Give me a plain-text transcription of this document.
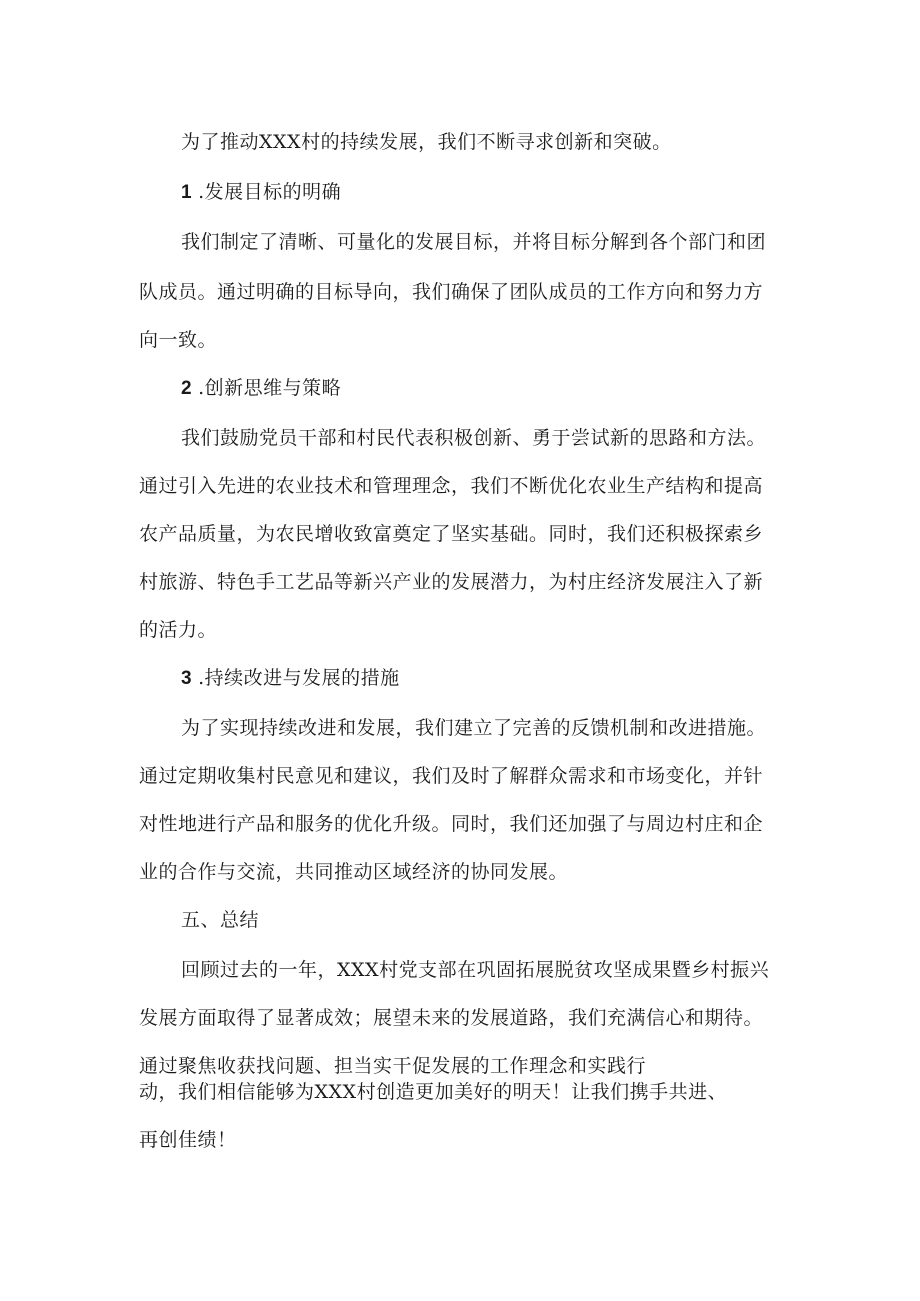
为了推动XXX村的持续发展，我们不断寻求创新和突破。
1 .发展目标的明确
我们制定了清晰、可量化的发展目标，并将目标分解到各个部门和团
队成员。通过明确的目标导向，我们确保了团队成员的工作方向和努力方
向一致。
2 .创新思维与策略
我们鼓励党员干部和村民代表积极创新、勇于尝试新的思路和方法。
通过引入先进的农业技术和管理理念，我们不断优化农业生产结构和提高
农产品质量，为农民增收致富奠定了坚实基础。同时，我们还积极探索乡
村旅游、特色手工艺品等新兴产业的发展潜力，为村庄经济发展注入了新
的活力。
3 .持续改进与发展的措施
为了实现持续改进和发展，我们建立了完善的反馈机制和改进措施。
通过定期收集村民意见和建议，我们及时了解群众需求和市场变化，并针
对性地进行产品和服务的优化升级。同时，我们还加强了与周边村庄和企
业的合作与交流，共同推动区域经济的协同发展。
五、总结
回顾过去的一年，XXX村党支部在巩固拓展脱贫攻坚成果暨乡村振兴
发展方面取得了显著成效；展望未来的发展道路，我们充满信心和期待。
通过聚焦收获找问题、担当实干促发展的工作理念和实践行
动，我们相信能够为XXX村创造更加美好的明天！让我们携手共进、
再创佳绩！
